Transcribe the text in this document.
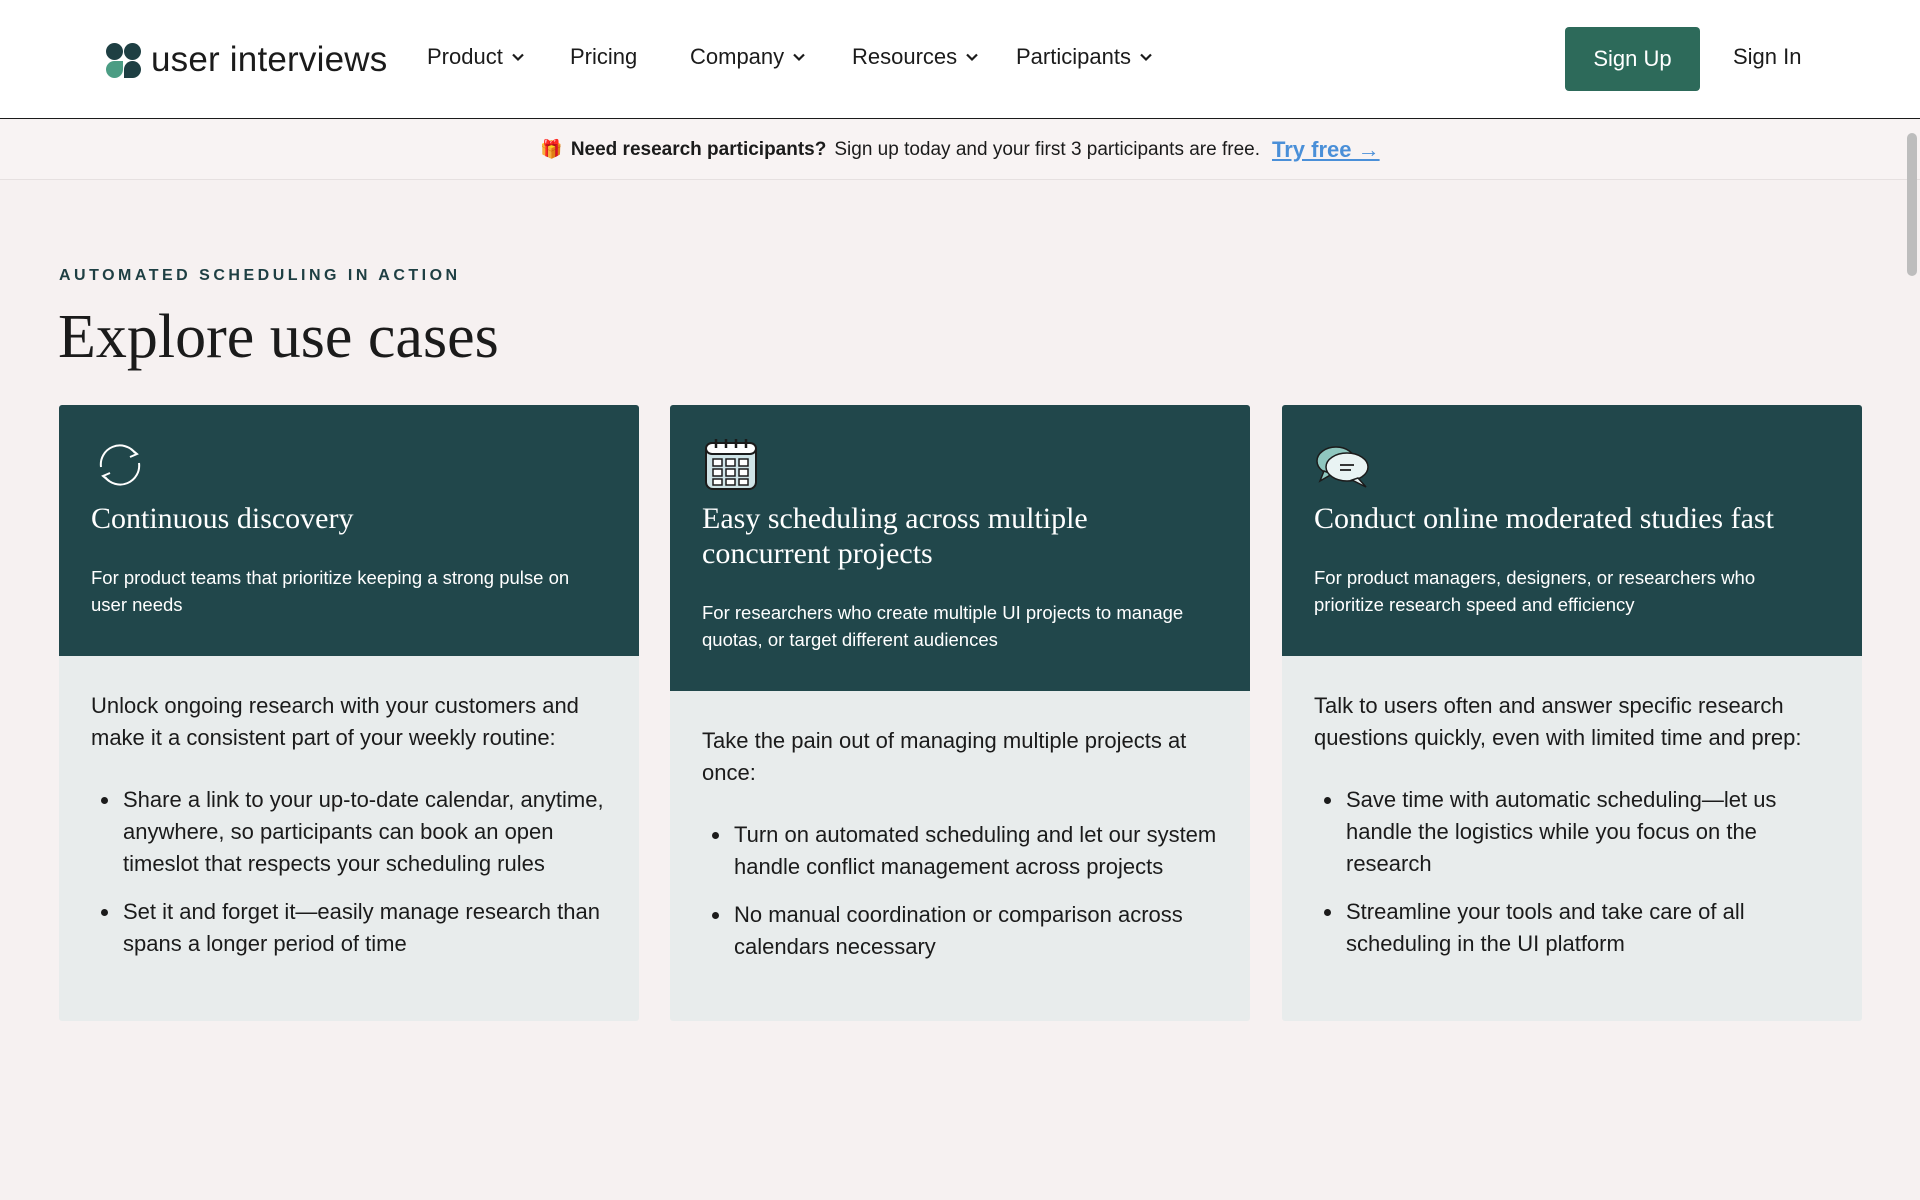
user interviews Product	Pricing Company	Resources	Participants	Sign Up	Sign In
🎁 Need research participants? Sign up today and your first 3 participants are free. Try free →
AUTOMATED SCHEDULING IN ACTION
Explore use cases
Continuous discovery

For product teams that prioritize keeping a strong pulse on user needs

Unlock ongoing research with your customers and make it a consistent part of your weekly routine:

Share a link to your up-to-date calendar, anytime, anywhere, so participants can book an open timeslot that respects your scheduling rules
Set it and forget it—easily manage research than spans a longer period of time
Easy scheduling across multiple concurrent projects

For researchers who create multiple UI projects to manage quotas, or target different audiences

Take the pain out of managing multiple projects at once:

Turn on automated scheduling and let our system handle conflict management across projects
No manual coordination or comparison across calendars necessary
Conduct online moderated studies fast

For product managers, designers, or researchers who prioritize research speed and efficiency

Talk to users often and answer specific research questions quickly, even with limited time and prep:

Save time with automatic scheduling—let us handle the logistics while you focus on the research
Streamline your tools and take care of all scheduling in the UI platform
